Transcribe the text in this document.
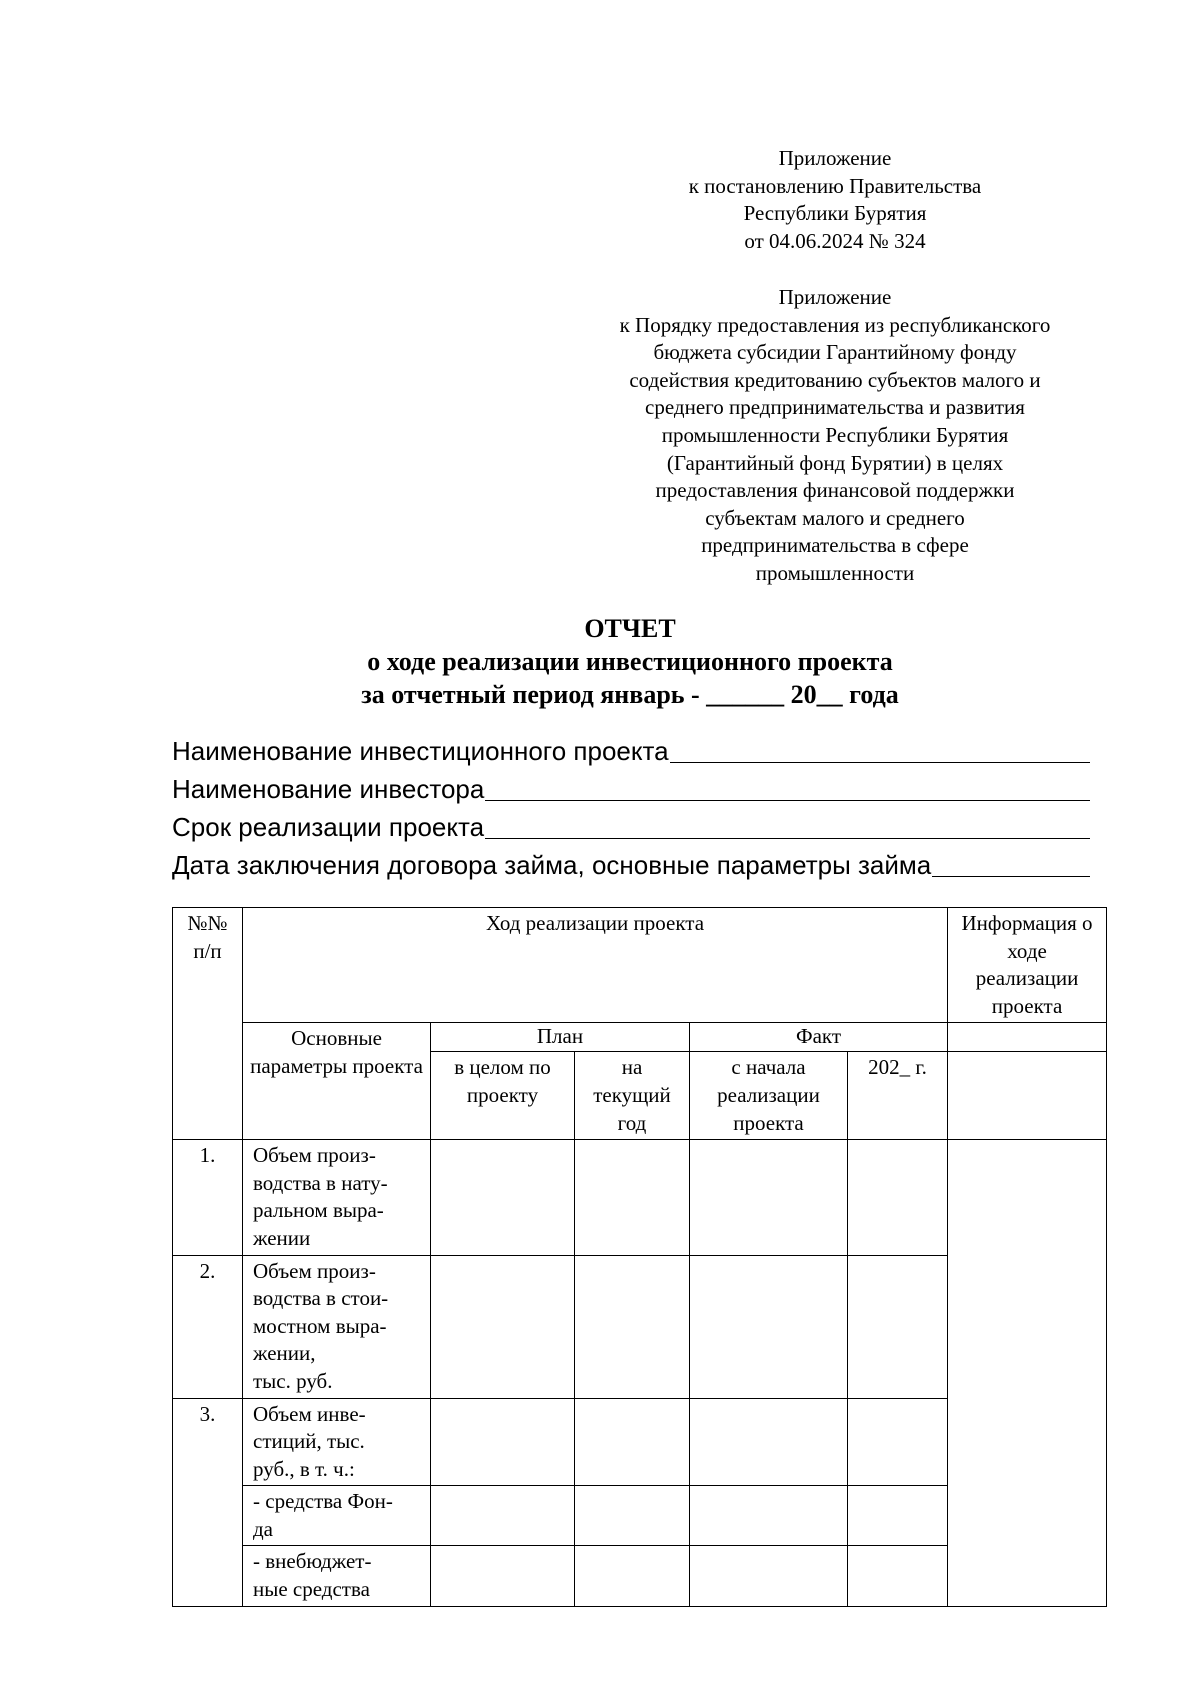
Приложение
к постановлению Правительства
Республики Бурятия
от 04.06.2024 № 324
Приложение
к Порядку предоставления из республиканского
бюджета субсидии Гарантийному фонду
содействия кредитованию субъектов малого и
среднего предпринимательства и развития
промышленности Республики Бурятия
(Гарантийный фонд Бурятии) в целях
предоставления финансовой поддержки
субъектам малого и среднего
предпринимательства в сфере
промышленности
ОТЧЕТ
о ходе реализации инвестиционного проекта
за отчетный период январь - ______ 20__ года
Наименование инвестиционного проекта
Наименование инвестора
Срок реализации проекта
Дата заключения договора займа, основные параметры займа
№№ п/п	Ход реализации проекта					Информация о ходе реализации проекта
	Основные параметры проекта	План		Факт		
		в целом по проекту	на текущий год	с начала реализации проекта	202_ г.	
1.	Объем произ-
водства в нату-
ральном выра-
жении					
2.	Объем произ-
водства в стои-
мостном выра-
жении,
тыс. руб.					
3.	Объем инве-
стиций, тыс.
руб., в т. ч.:					
	- средства Фон-
да					
	- внебюджет-
ные средства					
